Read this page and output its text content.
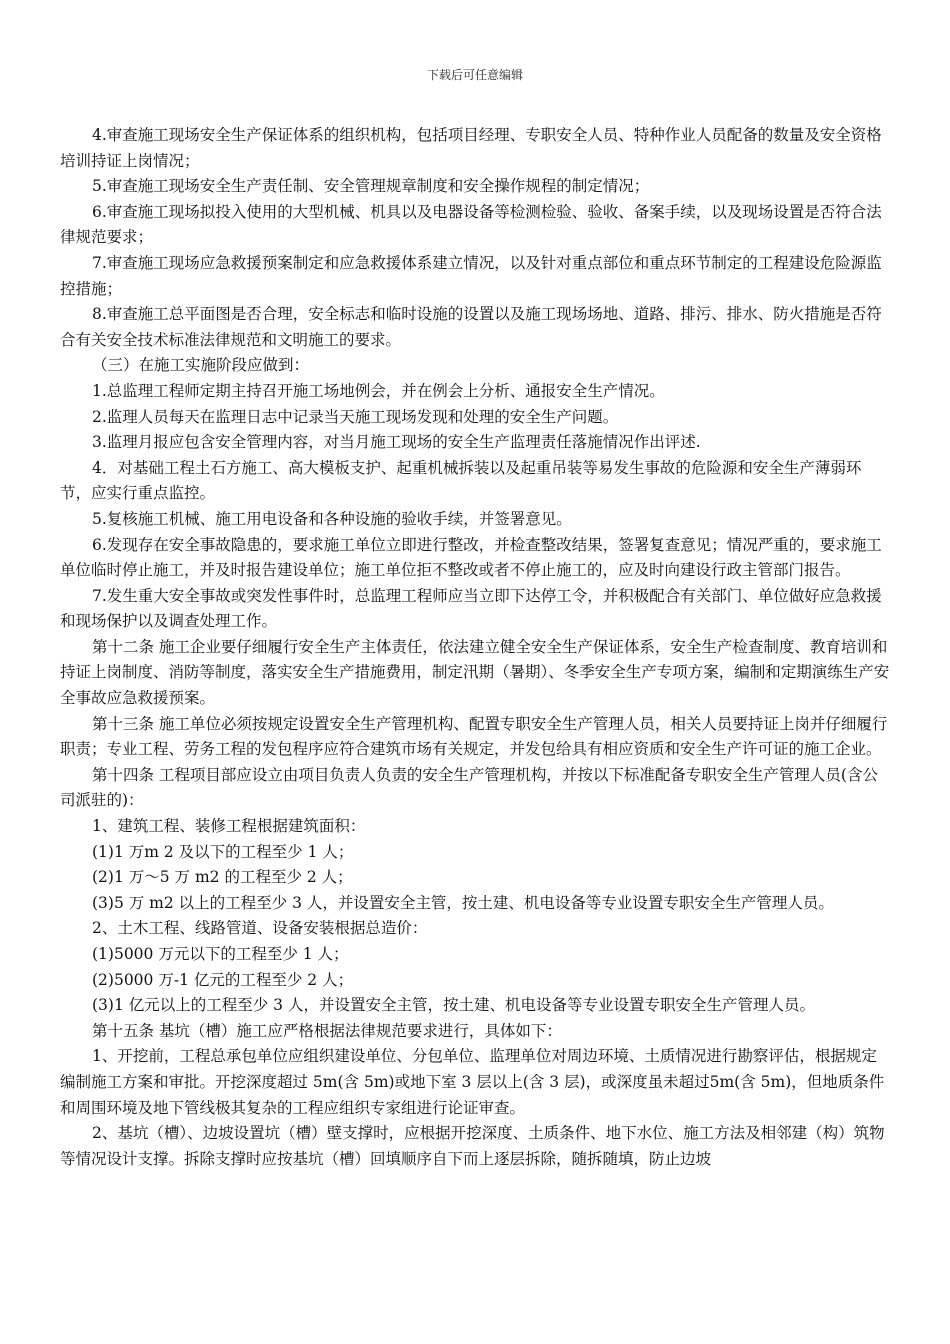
下载后可任意编辑

4.审查施工现场安全生产保证体系的组织机构，包括项目经理、专职安全人员、特种作业人员配备的数量及安全资格培训持证上岗情况；

5.审查施工现场安全生产责任制、安全管理规章制度和安全操作规程的制定情况；

6.审查施工现场拟投入使用的大型机械、机具以及电器设备等检测检验、验收、备案手续，以及现场设置是否符合法律规范要求；

7.审查施工现场应急救援预案制定和应急救援体系建立情况，以及针对重点部位和重点环节制定的工程建设危险源监控措施；

8.审查施工总平面图是否合理，安全标志和临时设施的设置以及施工现场场地、道路、排污、排水、防火措施是否符合有关安全技术标准法律规范和文明施工的要求。

（三）在施工实施阶段应做到：

1.总监理工程师定期主持召开施工场地例会，并在例会上分析、通报安全生产情况。

2.监理人员每天在监理日志中记录当天施工现场发现和处理的安全生产问题。

3.监理月报应包含安全管理内容，对当月施工现场的安全生产监理责任落施情况作出评述.

4．对基础工程土石方施工、高大模板支护、起重机械拆装以及起重吊装等易发生事故的危险源和安全生产薄弱环节，应实行重点监控。

5.复核施工机械、施工用电设备和各种设施的验收手续，并签署意见。

6.发现存在安全事故隐患的，要求施工单位立即进行整改，并检查整改结果，签署复查意见；情况严重的，要求施工单位临时停止施工，并及时报告建设单位；施工单位拒不整改或者不停止施工的，应及时向建设行政主管部门报告。

7.发生重大安全事故或突发性事件时，总监理工程师应当立即下达停工令，并积极配合有关部门、单位做好应急救援和现场保护以及调查处理工作。

第十二条 施工企业要仔细履行安全生产主体责任，依法建立健全安全生产保证体系，安全生产检查制度、教育培训和持证上岗制度、消防等制度，落实安全生产措施费用，制定汛期（暑期）、冬季安全生产专项方案，编制和定期演练生产安全事故应急救援预案。

第十三条 施工单位必须按规定设置安全生产管理机构、配置专职安全生产管理人员，相关人员要持证上岗并仔细履行职责；专业工程、劳务工程的发包程序应符合建筑市场有关规定，并发包给具有相应资质和安全生产许可证的施工企业。

第十四条 工程项目部应设立由项目负责人负责的安全生产管理机构，并按以下标准配备专职安全生产管理人员(含公司派驻的)：

1、建筑工程、装修工程根据建筑面积：

(1)1 万m 2 及以下的工程至少 1 人；

(2)1 万～5 万 m2 的工程至少 2 人；

(3)5 万 m2 以上的工程至少 3 人，并设置安全主管，按土建、机电设备等专业设置专职安全生产管理人员。

2、土木工程、线路管道、设备安装根据总造价：

(1)5000 万元以下的工程至少 1 人；

(2)5000 万-1 亿元的工程至少 2 人；

(3)1 亿元以上的工程至少 3 人，并设置安全主管，按土建、机电设备等专业设置专职安全生产管理人员。

第十五条 基坑（槽）施工应严格根据法律规范要求进行，具体如下：

1、开挖前，工程总承包单位应组织建设单位、分包单位、监理单位对周边环境、土质情况进行勘察评估，根据规定编制施工方案和审批。开挖深度超过 5m(含 5m)或地下室 3 层以上(含 3 层)，或深度虽未超过5m(含 5m)，但地质条件和周围环境及地下管线极其复杂的工程应组织专家组进行论证审查。

2、基坑（槽）、边坡设置坑（槽）壁支撑时，应根据开挖深度、土质条件、地下水位、施工方法及相邻建（构）筑物等情况设计支撑。拆除支撑时应按基坑（槽）回填顺序自下而上逐层拆除，随拆随填，防止边坡
